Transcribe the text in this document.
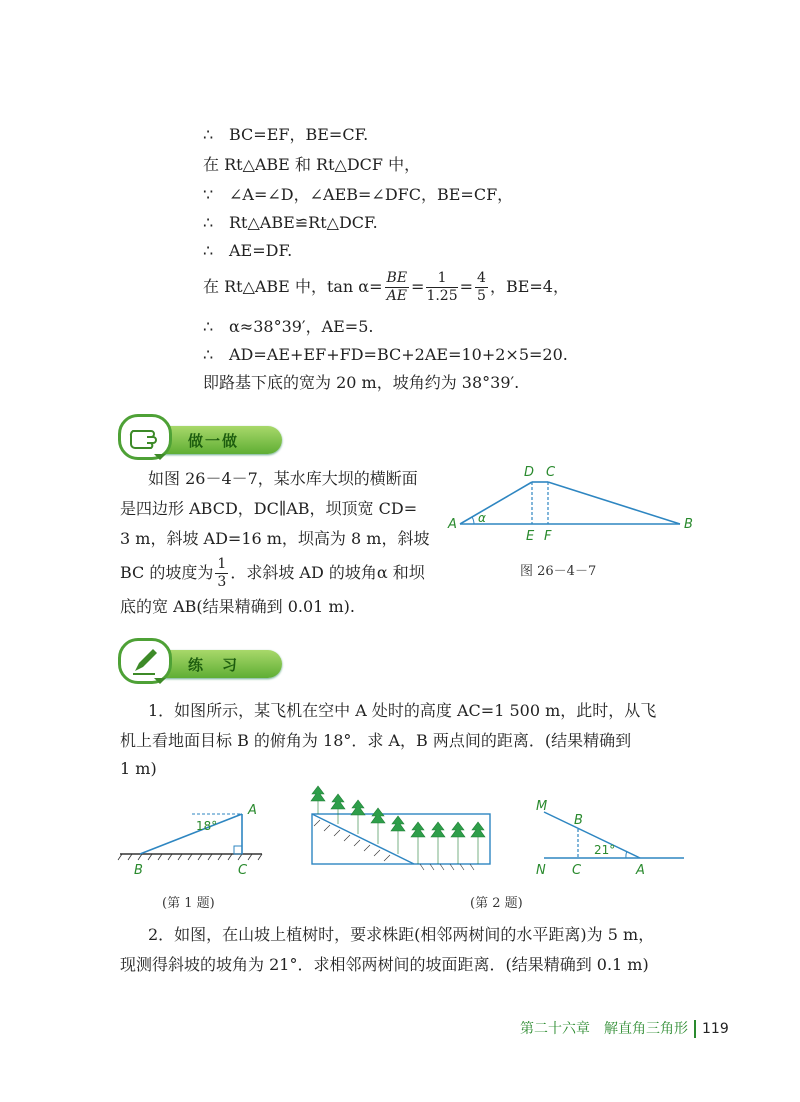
∴ BC=EF，BE=CF.
在 Rt△ABE 和 Rt△DCF 中，
∵ ∠A=∠D，∠AEB=∠DFC，BE=CF，
∴ Rt△ABE≌Rt△DCF.
∴ AE=DF.
在 Rt△ABE 中，$\tan \alpha= \frac{BE}{AE} = \frac{1}{1.25} = \frac{4}{5}$ ，BE=4，
∴ α≈38°39′，AE=5.
∴ AD=AE+EF+FD=BC+2AE=10+2×5=20.
即路基下底的宽为 20 m，坡角约为 38°39′.
做一做
如图 26－4－7，某水库大坝的横断面
是四边形 ABCD，DC∥AB，坝顶宽 CD=
3 m，斜坡 AD=16 m，坝高为 8 m，斜坡
BC 的坡度为 $\frac{1}{3}$ ．求斜坡 AD 的坡角α 和坝
底的宽 AB(结果精确到 0.01 m).
D C
A	B
E F
α
图 26－4－7
练　习
1．如图所示，某飞机在空中 A 处时的高度 AC=1 500 m，此时，从飞
机上看地面目标 B 的俯角为 18°．求 A，B 两点间的距离．(结果精确到
1 m)
18°
A
B	C
(第 1 题)	(第 2 题)
M
B
N C	A
21°
2．如图，在山坡上植树时，要求株距(相邻两树间的水平距离)为 5 m，
现测得斜坡的坡角为 21°．求相邻两树间的坡面距离．(结果精确到 0.1 m)
第二十六章　解直角三角形 119
